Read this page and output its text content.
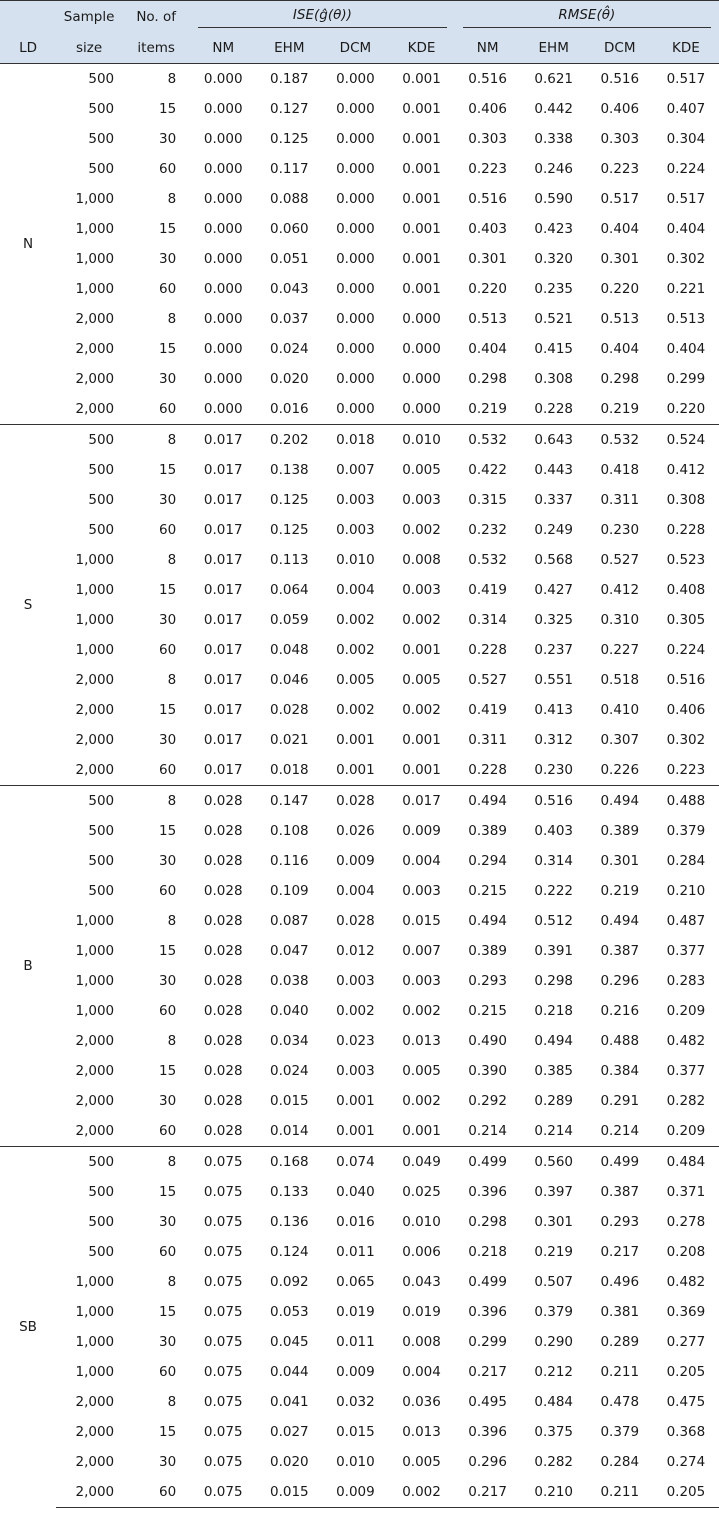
	Sample	No. of	ISE(ĝ(θ))				RMSE(θ̂)			

LD	size	items	NM	EHM	DCM	KDE	NM	EHM	DCM	KDE
N	500	8	0.000	0.187	0.000	0.001	0.516	0.621	0.516	0.517
	500	15	0.000	0.127	0.000	0.001	0.406	0.442	0.406	0.407
	500	30	0.000	0.125	0.000	0.001	0.303	0.338	0.303	0.304
	500	60	0.000	0.117	0.000	0.001	0.223	0.246	0.223	0.224
	1,000	8	0.000	0.088	0.000	0.001	0.516	0.590	0.517	0.517
	1,000	15	0.000	0.060	0.000	0.001	0.403	0.423	0.404	0.404
	1,000	30	0.000	0.051	0.000	0.001	0.301	0.320	0.301	0.302
	1,000	60	0.000	0.043	0.000	0.001	0.220	0.235	0.220	0.221
	2,000	8	0.000	0.037	0.000	0.000	0.513	0.521	0.513	0.513
	2,000	15	0.000	0.024	0.000	0.000	0.404	0.415	0.404	0.404
	2,000	30	0.000	0.020	0.000	0.000	0.298	0.308	0.298	0.299
	2,000	60	0.000	0.016	0.000	0.000	0.219	0.228	0.219	0.220
S	500	8	0.017	0.202	0.018	0.010	0.532	0.643	0.532	0.524
	500	15	0.017	0.138	0.007	0.005	0.422	0.443	0.418	0.412
	500	30	0.017	0.125	0.003	0.003	0.315	0.337	0.311	0.308
	500	60	0.017	0.125	0.003	0.002	0.232	0.249	0.230	0.228
	1,000	8	0.017	0.113	0.010	0.008	0.532	0.568	0.527	0.523
	1,000	15	0.017	0.064	0.004	0.003	0.419	0.427	0.412	0.408
	1,000	30	0.017	0.059	0.002	0.002	0.314	0.325	0.310	0.305
	1,000	60	0.017	0.048	0.002	0.001	0.228	0.237	0.227	0.224
	2,000	8	0.017	0.046	0.005	0.005	0.527	0.551	0.518	0.516
	2,000	15	0.017	0.028	0.002	0.002	0.419	0.413	0.410	0.406
	2,000	30	0.017	0.021	0.001	0.001	0.311	0.312	0.307	0.302
	2,000	60	0.017	0.018	0.001	0.001	0.228	0.230	0.226	0.223
B	500	8	0.028	0.147	0.028	0.017	0.494	0.516	0.494	0.488
	500	15	0.028	0.108	0.026	0.009	0.389	0.403	0.389	0.379
	500	30	0.028	0.116	0.009	0.004	0.294	0.314	0.301	0.284
	500	60	0.028	0.109	0.004	0.003	0.215	0.222	0.219	0.210
	1,000	8	0.028	0.087	0.028	0.015	0.494	0.512	0.494	0.487
	1,000	15	0.028	0.047	0.012	0.007	0.389	0.391	0.387	0.377
	1,000	30	0.028	0.038	0.003	0.003	0.293	0.298	0.296	0.283
	1,000	60	0.028	0.040	0.002	0.002	0.215	0.218	0.216	0.209
	2,000	8	0.028	0.034	0.023	0.013	0.490	0.494	0.488	0.482
	2,000	15	0.028	0.024	0.003	0.005	0.390	0.385	0.384	0.377
	2,000	30	0.028	0.015	0.001	0.002	0.292	0.289	0.291	0.282
	2,000	60	0.028	0.014	0.001	0.001	0.214	0.214	0.214	0.209
SB	500	8	0.075	0.168	0.074	0.049	0.499	0.560	0.499	0.484
	500	15	0.075	0.133	0.040	0.025	0.396	0.397	0.387	0.371
	500	30	0.075	0.136	0.016	0.010	0.298	0.301	0.293	0.278
	500	60	0.075	0.124	0.011	0.006	0.218	0.219	0.217	0.208
	1,000	8	0.075	0.092	0.065	0.043	0.499	0.507	0.496	0.482
	1,000	15	0.075	0.053	0.019	0.019	0.396	0.379	0.381	0.369
	1,000	30	0.075	0.045	0.011	0.008	0.299	0.290	0.289	0.277
	1,000	60	0.075	0.044	0.009	0.004	0.217	0.212	0.211	0.205
	2,000	8	0.075	0.041	0.032	0.036	0.495	0.484	0.478	0.475
	2,000	15	0.075	0.027	0.015	0.013	0.396	0.375	0.379	0.368
	2,000	30	0.075	0.020	0.010	0.005	0.296	0.282	0.284	0.274
	2,000	60	0.075	0.015	0.009	0.002	0.217	0.210	0.211	0.205
